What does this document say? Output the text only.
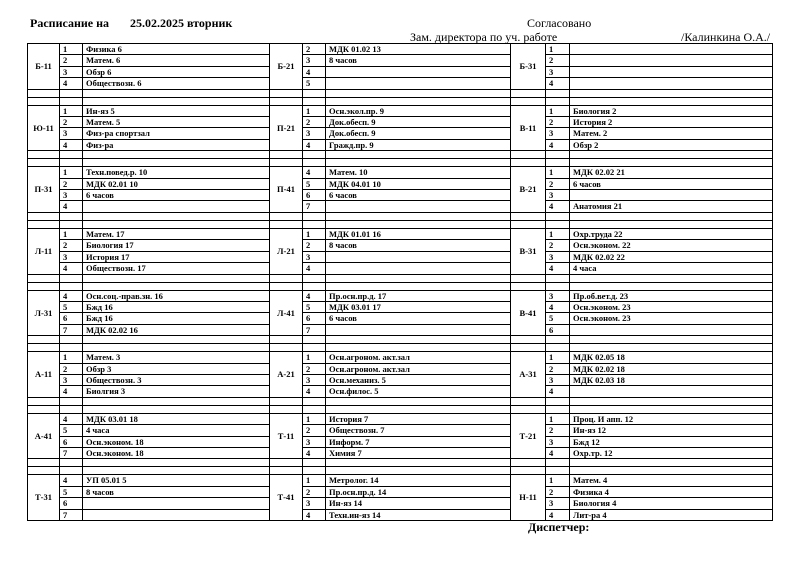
Расписание на 25.02.2025 вторник	Согласовано
Зам. директора по уч. работе	/Калинкина О.А./
Б-11	1	Физика 6	Б-21	2	МДК 01.02 13	Б-31	1	
	2	Матем. 6		3	8 часов		2	
	3	Обзр 6		4			3	
	4	Обществозн. 6		5			4	

Ю-11	1	Ин-яз 5	П-21	1	Осн.экол.пр. 9	В-11	1	Биология 2
	2	Матем. 5		2	Док.обесп. 9		2	История 2
	3	Физ-ра спортзал		3	Док.обесп. 9		3	Матем. 2
	4	Физ-ра		4	Гражд.пр. 9		4	Обзр 2

П-31	1	Техн.повед.р. 10	П-41	4	Матем. 10	В-21	1	МДК 02.02 21
	2	МДК 02.01 10		5	МДК 04.01 10		2	6 часов
	3	6 часов		6	6 часов		3	
	4			7			4	Анатомия 21

Л-11	1	Матем. 17	Л-21	1	МДК 01.01 16	В-31	1	Охр.труда 22
	2	Биология 17		2	8 часов		2	Осн.эконом. 22
	3	История 17		3			3	МДК 02.02 22
	4	Обществозн. 17		4			4	4 часа

Л-31	4	Осн.соц.-прав.зн. 16	Л-41	4	Пр.осн.пр.д. 17	В-41	3	Пр.об.вет.д. 23
	5	Бжд 16		5	МДК 03.01 17		4	Осн.эконом. 23
	6	Бжд 16		6	6 часов		5	Осн.эконом. 23
	7	МДК 02.02 16		7			6	

А-11	1	Матем. 3	А-21	1	Осн.агроном. акт.зал	А-31	1	МДК 02.05 18
	2	Обзр 3		2	Осн.агроном. акт.зал		2	МДК 02.02 18
	3	Обществозн. 3		3	Осн.механиз. 5		3	МДК 02.03 18
	4	Биолгия 3		4	Осн.филос. 5		4	

А-41	4	МДК 03.01 18	Т-11	1	История 7	Т-21	1	Проц. И апп. 12
	5	4 часа		2	Обществозн. 7		2	Ин-яз 12
	6	Осн.эконом. 18		3	Информ. 7		3	Бжд 12
	7	Осн.эконом. 18		4	Химия 7		4	Охр.тр. 12

Т-31	4	УП 05.01 5	Т-41	1	Метролог. 14	Н-11	1	Матем. 4
	5	8 часов		2	Пр.осн.пр.д. 14		2	Физика 4
	6			3	Ин-яз 14		3	Биология 4
	7			4	Техн.ин-яз 14		4	Лит-ра 4
Диспетчер:
